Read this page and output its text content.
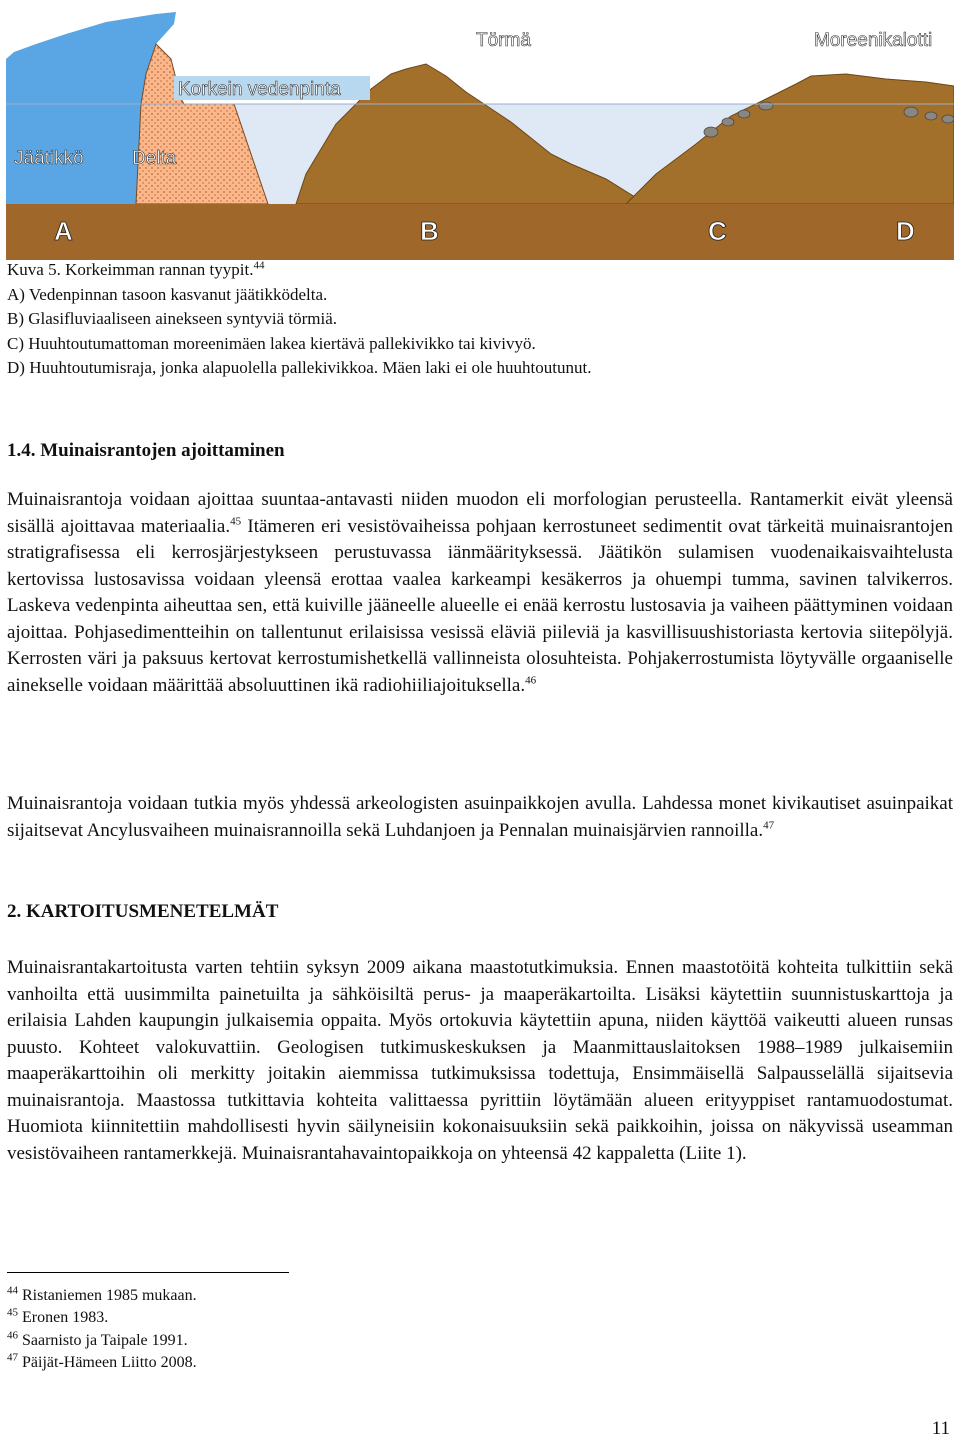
Törmä	Moreenikalotti
Korkein vedenpinta
Jäätikkö	Delta
A	B	C	D
Kuva 5. Korkeimman rannan tyypit.$^{44}$
A) Vedenpinnan tasoon kasvanut jäätikködelta.
B) Glasifluviaaliseen ainekseen syntyviä törmiä.
C) Huuhtoutumattoman moreenimäen lakea kiertävä pallekivikko tai kivivyö.
D) Huuhtoutumisraja, jonka alapuolella pallekivikkoa. Mäen laki ei ole huuhtoutunut.
1.4. Muinaisrantojen ajoittaminen

Muinaisrantoja voidaan ajoittaa suuntaa-antavasti niiden muodon eli morfologian perusteella. Rantamerkit eivät yleensä sisällä ajoittavaa materiaalia.$^{45}$ Itämeren eri vesistövaiheissa pohjaan kerrostuneet sedimentit ovat tärkeitä muinaisrantojen stratigrafisessa eli kerrosjärjestykseen perustuvassa iänmäärityksessä. Jäätikön sulamisen vuodenaikaisvaihtelusta kertovissa lustosavissa voidaan yleensä erottaa vaalea karkeampi kesäkerros ja ohuempi tumma, savinen talvikerros. Laskeva vedenpinta aiheuttaa sen, että kuiville jääneelle alueelle ei enää kerrostu lustosavia ja vaiheen päättyminen voidaan ajoittaa. Pohjasedimentteihin on tallentunut erilaisissa vesissä eläviä piileviä ja kasvillisuushistoriasta kertovia siitepölyjä. Kerrosten väri ja paksuus kertovat kerrostumishetkellä vallinneista olosuhteista. Pohjakerrostumista löytyvälle orgaaniselle ainekselle voidaan määrittää absoluuttinen ikä radiohiiliajoituksella.$^{46}$

Muinaisrantoja voidaan tutkia myös yhdessä arkeologisten asuinpaikkojen avulla. Lahdessa monet kivikautiset asuinpaikat sijaitsevat Ancylusvaiheen muinaisrannoilla sekä Luhdanjoen ja Pennalan muinaisjärvien rannoilla.$^{47}$

2. KARTOITUSMENETELMÄT

Muinaisrantakartoitusta varten tehtiin syksyn 2009 aikana maastotutkimuksia. Ennen maastotöitä kohteita tulkittiin sekä vanhoilta että uusimmilta painetuilta ja sähköisiltä perus- ja maaperäkartoilta. Lisäksi käytettiin suunnistuskarttoja ja erilaisia Lahden kaupungin julkaisemia oppaita. Myös ortokuvia käytettiin apuna, niiden käyttöä vaikeutti alueen runsas puusto. Kohteet valokuvattiin. Geologisen tutkimuskeskuksen ja Maanmittauslaitoksen 1988–1989 julkaisemiin maaperäkarttoihin oli merkitty joitakin aiemmissa tutkimuksissa todettuja, Ensimmäisellä Salpausselällä sijaitsevia muinaisrantoja. Maastossa tutkittavia kohteita valittaessa pyrittiin löytämään alueen erityyppiset rantamuodostumat. Huomiota kiinnitettiin mahdollisesti hyvin säilyneisiin kokonaisuuksiin sekä paikkoihin, joissa on näkyvissä useamman vesistövaiheen rantamerkkejä. Muinaisrantahavaintopaikkoja on yhteensä 42 kappaletta (Liite 1).

$^{44}$ Ristaniemen 1985 mukaan.
$^{45}$ Eronen 1983.
$^{46}$ Saarnisto ja Taipale 1991.
$^{47}$ Päijät-Hämeen Liitto 2008.
11
